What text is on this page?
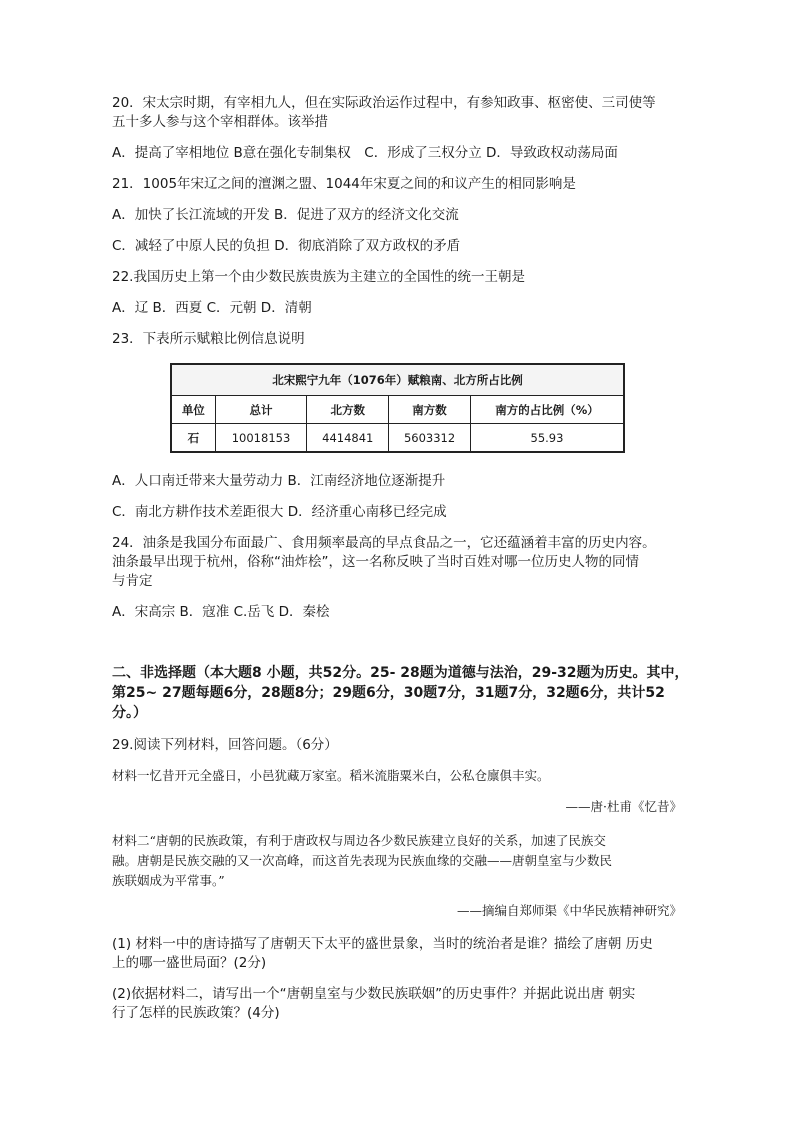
20．宋太宗时期，有宰相九人，但在实际政治运作过程中，有参知政事、枢密使、三司使等
五十多人参与这个宰相群体。该举措
A．提高了宰相地位 B意在强化专制集权　C．形成了三权分立 D．导致政权动荡局面
21．1005年宋辽之间的澶渊之盟、1044年宋夏之间的和议产生的相同影响是
A．加快了长江流域的开发 B．促进了双方的经济文化交流
C．减轻了中原人民的负担 D．彻底消除了双方政权的矛盾
22.我国历史上第一个由少数民族贵族为主建立的全国性的统一王朝是
A．辽 B．西夏 C．元朝 D．清朝
23．下表所示赋粮比例信息说明
北宋熙宁九年（1076年）赋粮南、北方所占比例				
单位	总计	北方数	南方数	南方的占比例（%）
石	10018153	4414841	5603312	55.93
A．人口南迁带来大量劳动力 B．江南经济地位逐渐提升
C．南北方耕作技术差距很大 D．经济重心南移已经完成
24．油条是我国分布面最广、食用频率最高的早点食品之一，它还蕴涵着丰富的历史内容。
油条最早出现于杭州，俗称“油炸桧”，这一名称反映了当时百姓对哪一位历史人物的同情
与肯定
A．宋高宗 B．寇准 C.岳飞 D．秦桧
二、非选择题（本大题8 小题，共52分。25- 28题为道德与法治，29-32题为历史。其中，
第25~ 27题每题6分，28题8分；29题6分，30题7分，31题7分，32题6分，共计52
分。）
29.阅读下列材料，回答问题。（6分）
材料一忆昔开元全盛日，小邑犹藏万家室。稻米流脂粟米白，公私仓廪俱丰实。
——唐·杜甫《忆昔》
材料二“唐朝的民族政策，有利于唐政权与周边各少数民族建立良好的关系，加速了民族交
融。唐朝是民族交融的又一次高峰，而这首先表现为民族血缘的交融——唐朝皇室与少数民
族联姻成为平常事。”
——摘编自郑师渠《中华民族精神研究》
(1) 材料一中的唐诗描写了唐朝天下太平的盛世景象，当时的统治者是谁？描绘了唐朝 历史
上的哪一盛世局面？(2分)
(2)依据材料二，请写出一个“唐朝皇室与少数民族联姻”的历史事件？并据此说出唐 朝实
行了怎样的民族政策？(4分)
